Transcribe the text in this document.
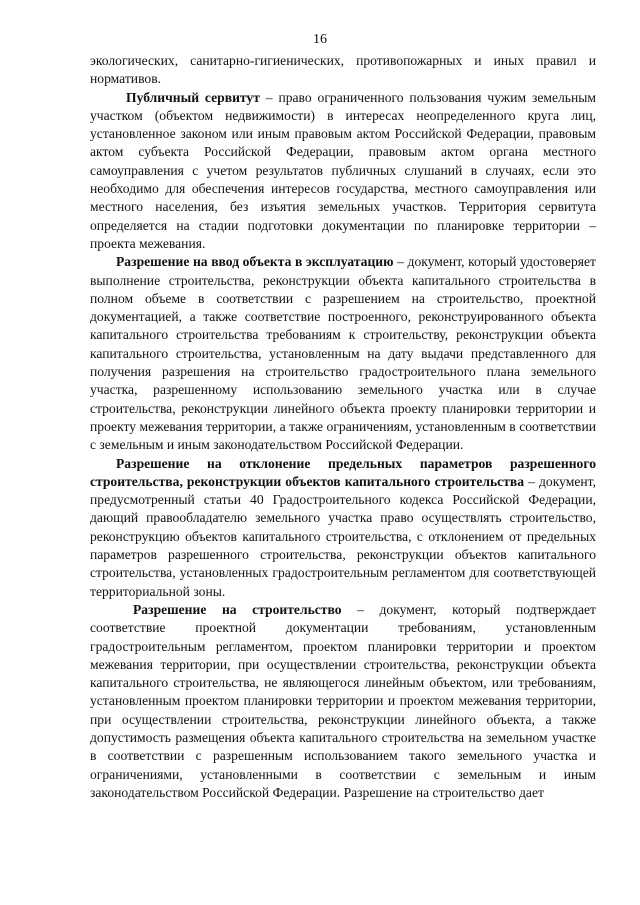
16

экологических, санитарно-гигиенических, противопожарных и иных правил и нормативов.

Публичный сервитут – право ограниченного пользования чужим земельным участком (объектом недвижимости) в интересах неопределенного круга лиц, установленное законом или иным правовым актом Российской Федерации, правовым актом субъекта Российской Федерации, правовым актом органа местного самоуправления с учетом результатов публичных слушаний в случаях, если это необходимо для обеспечения интересов государства, местного самоуправления или местного населения, без изъятия земельных участков. Территория сервитута определяется на стадии подготовки документации по планировке территории – проекта межевания.

Разрешение на ввод объекта в эксплуатацию – документ, который удостоверяет выполнение строительства, реконструкции объекта капитального строительства в полном объеме в соответствии с разрешением на строительство, проектной документацией, а также соответствие построенного, реконструированного объекта капитального строительства требованиям к строительству, реконструкции объекта капитального строительства, установленным на дату выдачи представленного для получения разрешения на строительство градостроительного плана земельного участка, разрешенному использованию земельного участка или в случае строительства, реконструкции линейного объекта проекту планировки территории и проекту межевания территории, а также ограничениям, установленным в соответствии с земельным и иным законодательством Российской Федерации.

Разрешение на отклонение предельных параметров разрешенного строительства, реконструкции объектов капитального строительства – документ, предусмотренный статьи 40 Градостроительного кодекса Российской Федерации, дающий правообладателю земельного участка право осуществлять строительство, реконструкцию объектов капитального строительства, с отклонением от предельных параметров разрешенного строительства, реконструкции объектов капитального строительства, установленных градостроительным регламентом для соответствующей территориальной зоны.

Разрешение на строительство – документ, который подтверждает соответствие проектной документации требованиям, установленным градостроительным регламентом, проектом планировки территории и проектом межевания территории, при осуществлении строительства, реконструкции объекта капитального строительства, не являющегося линейным объектом, или требованиям, установленным проектом планировки территории и проектом межевания территории, при осуществлении строительства, реконструкции линейного объекта, а также допустимость размещения объекта капитального строительства на земельном участке в соответствии с разрешенным использованием такого земельного участка и ограничениями, установленными в соответствии с земельным и иным законодательством Российской Федерации. Разрешение на строительство дает
